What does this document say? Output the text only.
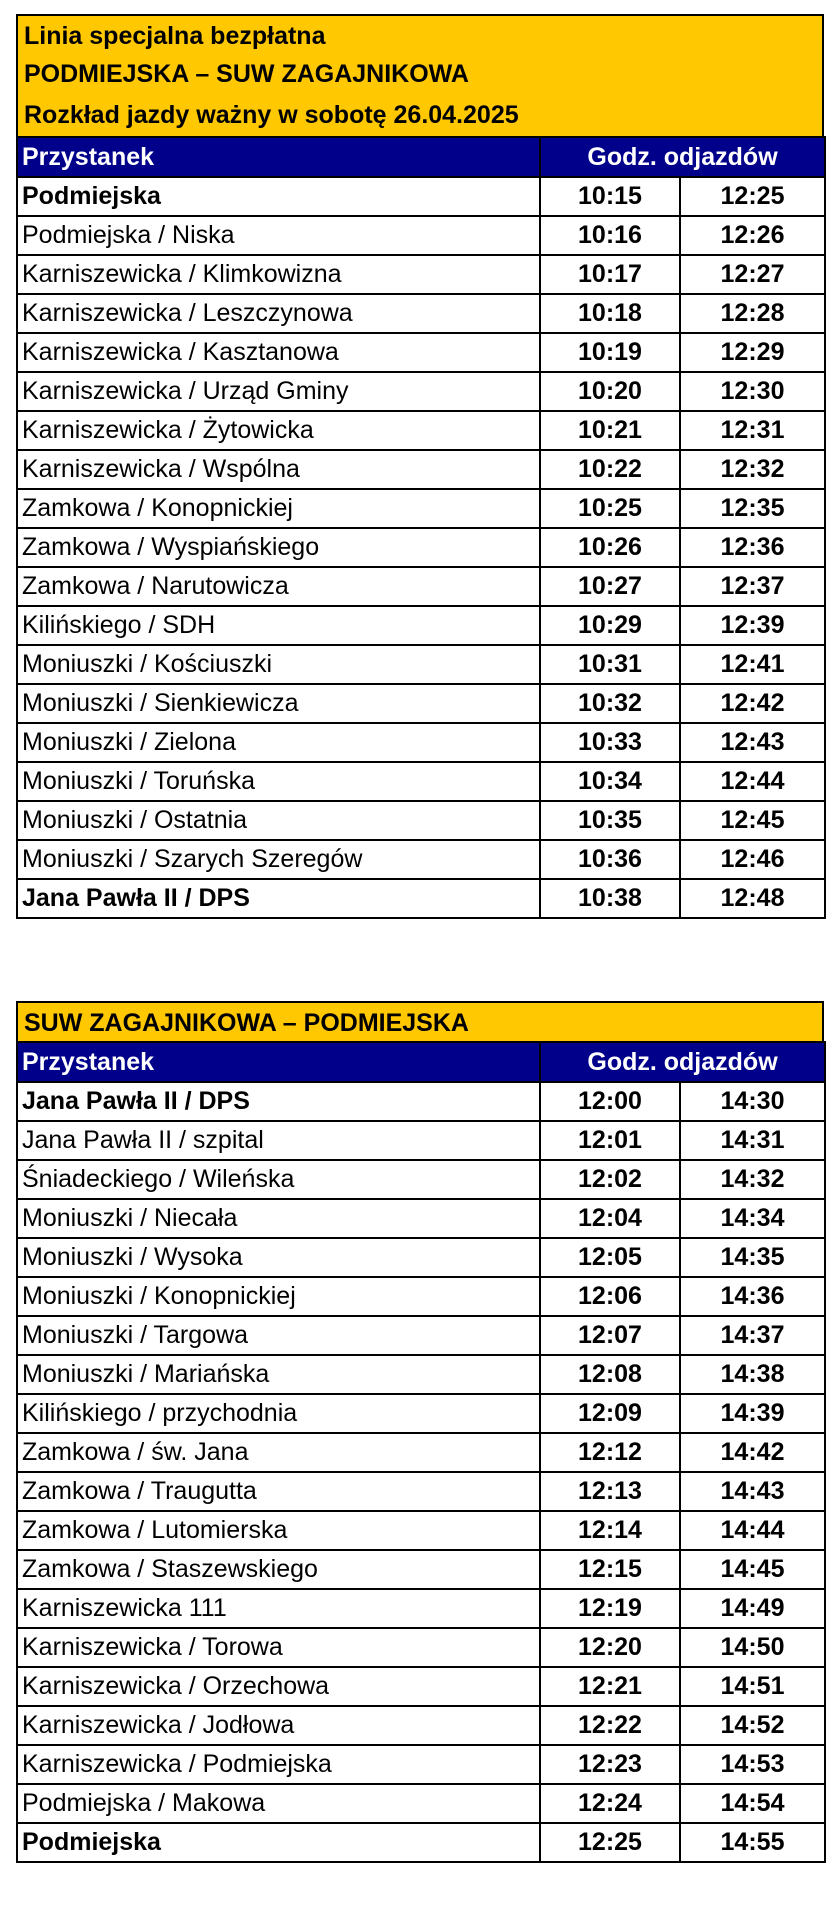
Linia specjalna bezpłatna
PODMIEJSKA – SUW ZAGAJNIKOWA
Rozkład jazdy ważny w sobotę 26.04.2025
Przystanek	Godz. odjazdów	
Podmiejska	10:15	12:25
Podmiejska / Niska	10:16	12:26
Karniszewicka / Klimkowizna	10:17	12:27
Karniszewicka / Leszczynowa	10:18	12:28
Karniszewicka / Kasztanowa	10:19	12:29
Karniszewicka / Urząd Gminy	10:20	12:30
Karniszewicka / Żytowicka	10:21	12:31
Karniszewicka / Wspólna	10:22	12:32
Zamkowa / Konopnickiej	10:25	12:35
Zamkowa / Wyspiańskiego	10:26	12:36
Zamkowa / Narutowicza	10:27	12:37
Kilińskiego / SDH	10:29	12:39
Moniuszki / Kościuszki	10:31	12:41
Moniuszki / Sienkiewicza	10:32	12:42
Moniuszki / Zielona	10:33	12:43
Moniuszki / Toruńska	10:34	12:44
Moniuszki / Ostatnia	10:35	12:45
Moniuszki / Szarych Szeregów	10:36	12:46
Jana Pawła II / DPS	10:38	12:48
SUW ZAGAJNIKOWA – PODMIEJSKA
Przystanek	Godz. odjazdów	
Jana Pawła II / DPS	12:00	14:30
Jana Pawła II / szpital	12:01	14:31
Śniadeckiego / Wileńska	12:02	14:32
Moniuszki / Niecała	12:04	14:34
Moniuszki / Wysoka	12:05	14:35
Moniuszki / Konopnickiej	12:06	14:36
Moniuszki / Targowa	12:07	14:37
Moniuszki / Mariańska	12:08	14:38
Kilińskiego / przychodnia	12:09	14:39
Zamkowa / św. Jana	12:12	14:42
Zamkowa / Traugutta	12:13	14:43
Zamkowa / Lutomierska	12:14	14:44
Zamkowa / Staszewskiego	12:15	14:45
Karniszewicka 111	12:19	14:49
Karniszewicka / Torowa	12:20	14:50
Karniszewicka / Orzechowa	12:21	14:51
Karniszewicka / Jodłowa	12:22	14:52
Karniszewicka / Podmiejska	12:23	14:53
Podmiejska / Makowa	12:24	14:54
Podmiejska	12:25	14:55
